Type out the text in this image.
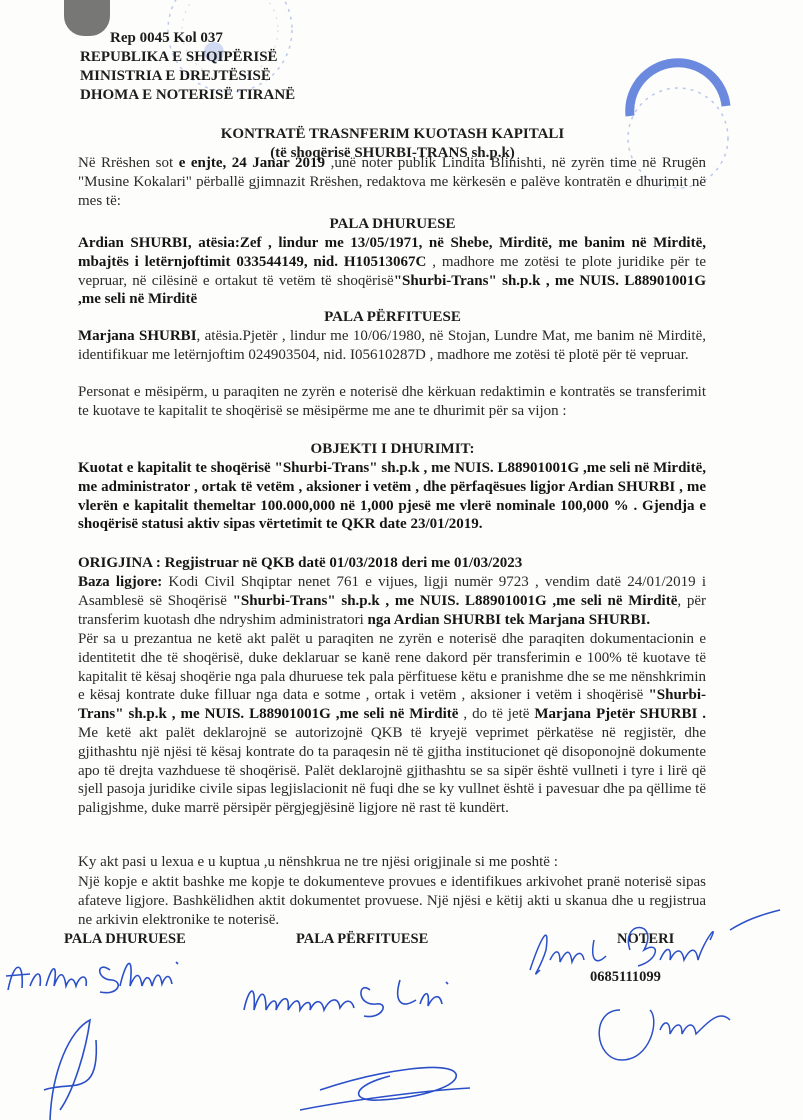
Rep 0045 Kol 037
REPUBLIKA E SHQIPËRISË
MINISTRIA E DREJTËSISË
DHOMA E NOTERISË TIRANË
KONTRATË TRASNFERIM KUOTASH KAPITALI
(të shoqërisë SHURBI-TRANS sh.p.k)
Në Rrëshen sot e enjte, 24 Janar 2019 ,unë noter publik Lindita Blinishti, në zyrën time në Rrugën "Musine Kokalari" përballë gjimnazit Rrëshen, redaktova me kërkesën e palëve kontratën e dhurimit në mes të:
PALA DHURUESE
Ardian SHURBI, atësia:Zef , lindur me 13/05/1971, në Shebe, Mirditë, me banim në Mirditë, mbajtës i letërnjoftimit 033544149, nid. H10513067C , madhore me zotësi te plote juridike për te vepruar, në cilësinë e ortakut të vetëm të shoqërisë"Shurbi-Trans" sh.p.k , me NUIS. L88901001G ,me seli në Mirditë
PALA PËRFITUESE
Marjana SHURBI, atësia.Pjetër , lindur me 10/06/1980, në Stojan, Lundre Mat, me banim në Mirditë, identifikuar me letërnjoftim 024903504, nid. I05610287D , madhore me zotësi të plotë për të vepruar.
Personat e mësipërm, u paraqiten ne zyrën e noterisë dhe kërkuan redaktimin e kontratës se transferimit te kuotave te kapitalit te shoqërisë se mësipërme me ane te dhurimit për sa vijon :
OBJEKTI I DHURIMIT:
Kuotat e kapitalit te shoqërisë "Shurbi-Trans" sh.p.k , me NUIS. L88901001G ,me seli në Mirditë, me administrator , ortak të vetëm , aksioner i vetëm , dhe përfaqësues ligjor Ardian SHURBI , me vlerën e kapitalit themeltar 100.000,000 në 1,000 pjesë me vlerë nominale 100,000 % . Gjendja e shoqërisë statusi aktiv sipas vërtetimit te QKR date 23/01/2019.
ORIGJINA : Regjistruar në QKB datë 01/03/2018 deri me 01/03/2023
Baza ligjore: Kodi Civil Shqiptar nenet 761 e vijues, ligji numër 9723 , vendim datë 24/01/2019 i Asamblesë së Shoqërisë "Shurbi-Trans" sh.p.k , me NUIS. L88901001G ,me seli në Mirditë, për transferim kuotash dhe ndryshim administratori nga Ardian SHURBI tek Marjana SHURBI.
Për sa u prezantua ne ketë akt palët u paraqiten ne zyrën e noterisë dhe paraqiten dokumentacionin e identitetit dhe të shoqërisë, duke deklaruar se kanë rene dakord për transferimin e 100% të kuotave të kapitalit të kësaj shoqërie nga pala dhuruese tek pala përfituese këtu e pranishme dhe se me nënshkrimin e kësaj kontrate duke filluar nga data e sotme , ortak i vetëm , aksioner i vetëm i shoqërisë "Shurbi-Trans" sh.p.k , me NUIS. L88901001G ,me seli në Mirditë , do të jetë Marjana Pjetër SHURBI . Me ketë akt palët deklarojnë se autorizojnë QKB të kryejë veprimet përkatëse në regjistër, dhe gjithashtu një njësi të kësaj kontrate do ta paraqesin në të gjitha institucionet që disoponojnë dokumente apo të drejta vazhduese të shoqërisë. Palët deklarojnë gjithashtu se sa sipër është vullneti i tyre i lirë që sjell pasoja juridike civile sipas legjislacionit në fuqi dhe se ky vullnet është i pavesuar dhe pa qëllime të paligjshme, duke marrë përsipër përgjegjësinë ligjore në rast të kundërt.
Ky akt pasi u lexua e u kuptua ,u nënshkrua ne tre njësi origjinale si me poshtë :
Një kopje e aktit bashke me kopje te dokumenteve provues e identifikues arkivohet pranë noterisë sipas afateve ligjore. Bashkëlidhen aktit dokumentet provuese. Një njësi e këtij akti u skanua dhe u regjistrua ne arkivin elektronike te noterisë.
PALA DHURUESE	PALA PËRFITUESE	NOTERI
0685111099
